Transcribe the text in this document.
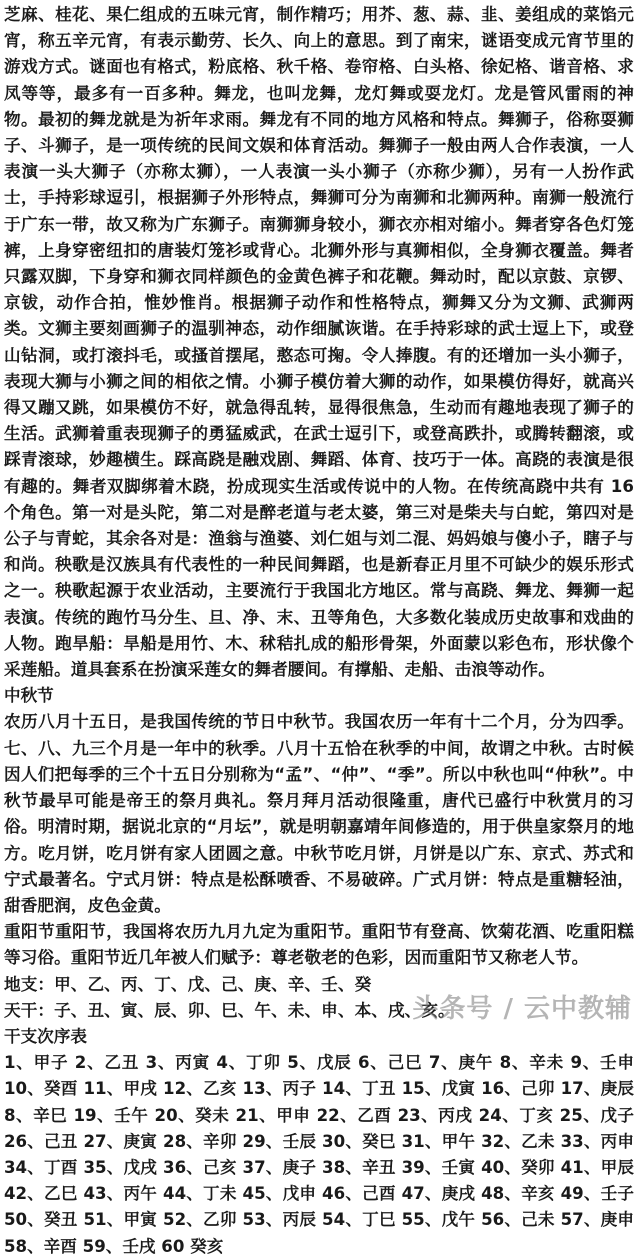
芝麻、桂花、果仁组成的五味元宵，制作精巧；用芥、葱、蒜、韭、姜组成的菜馅元宵，称五辛元宵，有表示勤劳、长久、向上的意思。到了南宋，谜语变成元宵节里的游戏方式。谜面也有格式，粉底格、秋千格、卷帘格、白头格、徐妃格、谐音格、求凤等等，最多有一百多种。舞龙，也叫龙舞，龙灯舞或耍龙灯。龙是管风雷雨的神物。最初的舞龙就是为祈年求雨。舞龙有不同的地方风格和特点。舞狮子，俗称耍狮子、斗狮子，是一项传统的民间文娱和体育活动。舞狮子一般由两人合作表演，一人表演一头大狮子（亦称太狮），一人表演一头小狮子（亦称少狮），另有一人扮作武士，手持彩球逗引，根据狮子外形特点，舞狮可分为南狮和北狮两种。南狮一般流行于广东一带，故又称为广东狮子。南狮狮身较小，狮衣亦相对缩小。舞者穿各色灯笼裤，上身穿密纽扣的唐装灯笼衫或背心。北狮外形与真狮相似，全身狮衣覆盖。舞者只露双脚，下身穿和狮衣同样颜色的金黄色裤子和花鞭。舞动时，配以京鼓、京锣、京钹，动作合拍，惟妙惟肖。根据狮子动作和性格特点，狮舞又分为文狮、武狮两类。文狮主要刻画狮子的温驯神态，动作细腻诙谐。在手持彩球的武士逗上下，或登山钻洞，或打滚抖毛，或搔首摆尾，憨态可掬。令人捧腹。有的还增加一头小狮子，表现大狮与小狮之间的相依之情。小狮子模仿着大狮的动作，如果模仿得好，就高兴得又蹦又跳，如果模仿不好，就急得乱转，显得很焦急，生动而有趣地表现了狮子的生活。武狮着重表现狮子的勇猛威武，在武士逗引下，或登高跌扑，或腾转翻滚，或踩青滚球，妙趣横生。踩高跷是融戏剧、舞蹈、体育、技巧于一体。高跷的表演是很有趣的。舞者双脚绑着木跷，扮成现实生活或传说中的人物。在传统高跷中共有 16 个角色。第一对是头陀，第二对是醉老道与老太婆，第三对是柴夫与白蛇，第四对是公子与青蛇，其余各对是：渔翁与渔婆、刘仁姐与刘二混、妈妈娘与傻小子，瞎子与和尚。秧歌是汉族具有代表性的一种民间舞蹈，也是新春正月里不可缺少的娱乐形式之一。秧歌起源于农业活动，主要流行于我国北方地区。常与高跷、舞龙、舞狮一起表演。传统的跑竹马分生、旦、净、末、丑等角色，大多数化装成历史故事和戏曲的人物。跑旱船：旱船是用竹、木、秫秸扎成的船形骨架，外面蒙以彩色布，形状像个采莲船。道具套系在扮演采莲女的舞者腰间。有撑船、走船、击浪等动作。

中秋节

农历八月十五日，是我国传统的节日中秋节。我国农历一年有十二个月，分为四季。七、八、九三个月是一年中的秋季。八月十五恰在秋季的中间，故谓之中秋。古时候因人们把每季的三个十五日分别称为“孟”、“仲”、“季”。所以中秋也叫“仲秋”。中秋节最早可能是帝王的祭月典礼。祭月拜月活动很隆重，唐代已盛行中秋赏月的习俗。明清时期，据说北京的“月坛”，就是明朝嘉靖年间修造的，用于供皇家祭月的地方。吃月饼，吃月饼有家人团圆之意。中秋节吃月饼，月饼是以广东、京式、苏式和宁式最著名。宁式月饼：特点是松酥喷香、不易破碎。广式月饼：特点是重糖轻油，甜香肥润，皮色金黄。

重阳节重阳节，我国将农历九月九定为重阳节。重阳节有登高、饮菊花酒、吃重阳糕等习俗。重阳节近几年被人们赋予：尊老敬老的色彩，因而重阳节又称老人节。

地支：甲、乙、丙、丁、戊、己、庚、辛、壬、癸

天干：子、丑、寅、辰、卯、巳、午、未、申、本、戌、亥。

干支次序表

1、甲子 2、乙丑 3、丙寅 4、丁卯 5、戊辰 6、己巳 7、庚午 8、辛未 9、壬申 10、癸酉 11、甲戌 12、乙亥 13、丙子 14、丁丑 15、戊寅 16、己卯 17、庚辰 8、辛巳 19、壬午 20、癸未 21、甲申 22、乙酉 23、丙戌 24、丁亥 25、戊子 26、己丑 27、庚寅 28、辛卯 29、壬辰 30、癸巳 31、甲午 32、乙未 33、丙申 34、丁酉 35、戊戌 36、己亥 37、庚子 38、辛丑 39、壬寅 40、癸卯 41、甲辰 42、乙巳 43、丙午 44、丁未 45、戊申 46、己酉 47、庚戌 48、辛亥 49、壬子 50、癸丑 51、甲寅 52、乙卯 53、丙辰 54、丁巳 55、戊午 56、己未 57、庚申 58、辛酉 59、壬戌 60 癸亥

头条号 / 云中教辅
